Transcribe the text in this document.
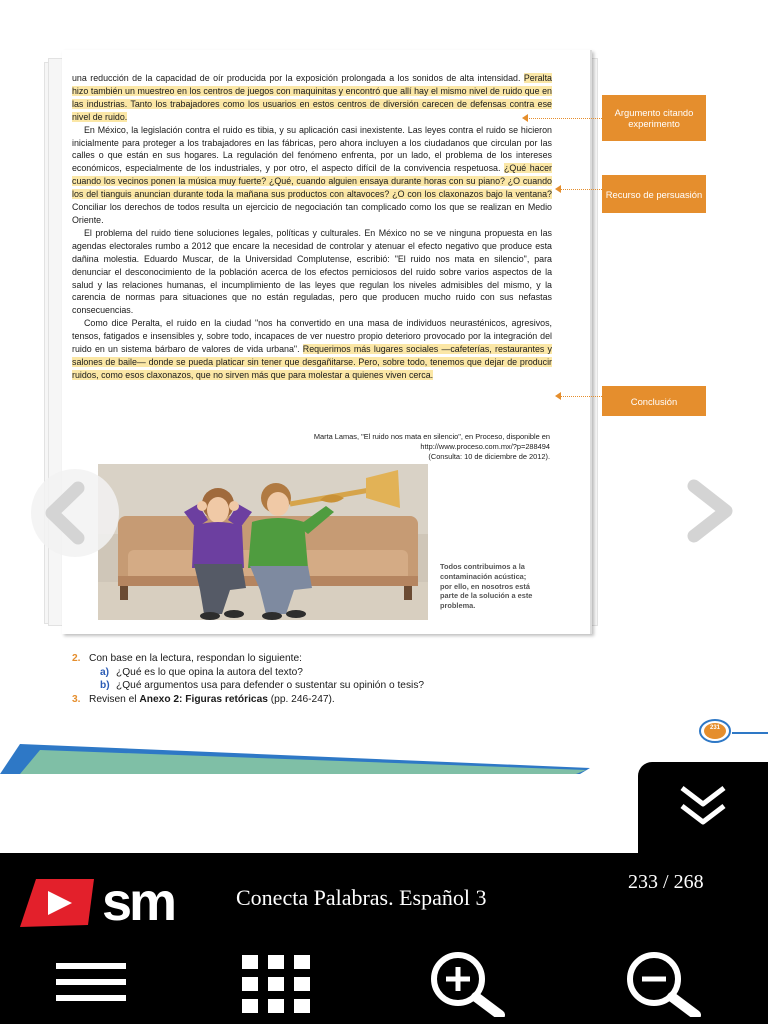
una reducción de la capacidad de oír producida por la exposición prolongada a los sonidos de alta intensidad. Peralta hizo también un muestreo en los centros de juegos con maquinitas y encontró que allí hay el mismo nivel de ruido que en las industrias. Tanto los trabajadores como los usuarios en estos centros de diversión carecen de defensas contra ese nivel de ruido.

En México, la legislación contra el ruido es tibia, y su aplicación casi inexistente. Las leyes contra el ruido se hicieron inicialmente para proteger a los trabajadores en las fábricas, pero ahora incluyen a los ciudadanos que circulan por las calles o que están en sus hogares. La regulación del fenómeno enfrenta, por un lado, el problema de los intereses económicos, especialmente de los industriales, y por otro, el aspecto difícil de la convivencia respetuosa. ¿Qué hacer cuando los vecinos ponen la música muy fuerte? ¿Qué, cuando alguien ensaya durante horas con su piano? ¿O cuando los del tianguis anuncian durante toda la mañana sus productos con altavoces? ¿O con los claxonazos bajo la ventana? Conciliar los derechos de todos resulta un ejercicio de negociación tan complicado como los que se realizan en Medio Oriente.

El problema del ruido tiene soluciones legales, políticas y culturales. En México no se ve ninguna propuesta en las agendas electorales rumbo a 2012 que encare la necesidad de controlar y atenuar el efecto negativo que produce esta dañina molestia. Eduardo Muscar, de la Universidad Complutense, escribió: "El ruido nos mata en silencio", para denunciar el desconocimiento de la población acerca de los efectos perniciosos del ruido sobre varios aspectos de la salud y las relaciones humanas, el incumplimiento de las leyes que regulan los niveles admisibles del mismo, y la carencia de normas para situaciones que no están reguladas, pero que producen mucho ruido con sus nefastas consecuencias.

Como dice Peralta, el ruido en la ciudad "nos ha convertido en una masa de individuos neurasténicos, agresivos, tensos, fatigados e insensibles y, sobre todo, incapaces de ver nuestro propio deterioro provocado por la integración del ruido en un sistema bárbaro de valores de vida urbana". Requerimos más lugares sociales —cafeterías, restaurantes y salones de baile— donde se pueda platicar sin tener que desgañitarse. Pero, sobre todo, tenemos que dejar de producir ruidos, como esos claxonazos, que no sirven más que para molestar a quienes viven cerca.

Marta Lamas, "El ruido nos mata en silencio", en Proceso, disponible en http://www.proceso.com.mx/?p=288494
(Consulta: 10 de diciembre de 2012).
Todos contribuimos a la contaminación acústica; por ello, en nosotros está parte de la solución a este problema.
Argumento citando experimento
Recurso de persuasión
Conclusión
2. Con base en la lectura, respondan lo siguiente:
a) ¿Qué es lo que opina la autora del texto?
b) ¿Qué argumentos usa para defender o sustentar su opinión o tesis?
3. Revisen el Anexo 2: Figuras retóricas (pp. 246-247).
231
sm	Conecta Palabras. Español 3
233 / 268
